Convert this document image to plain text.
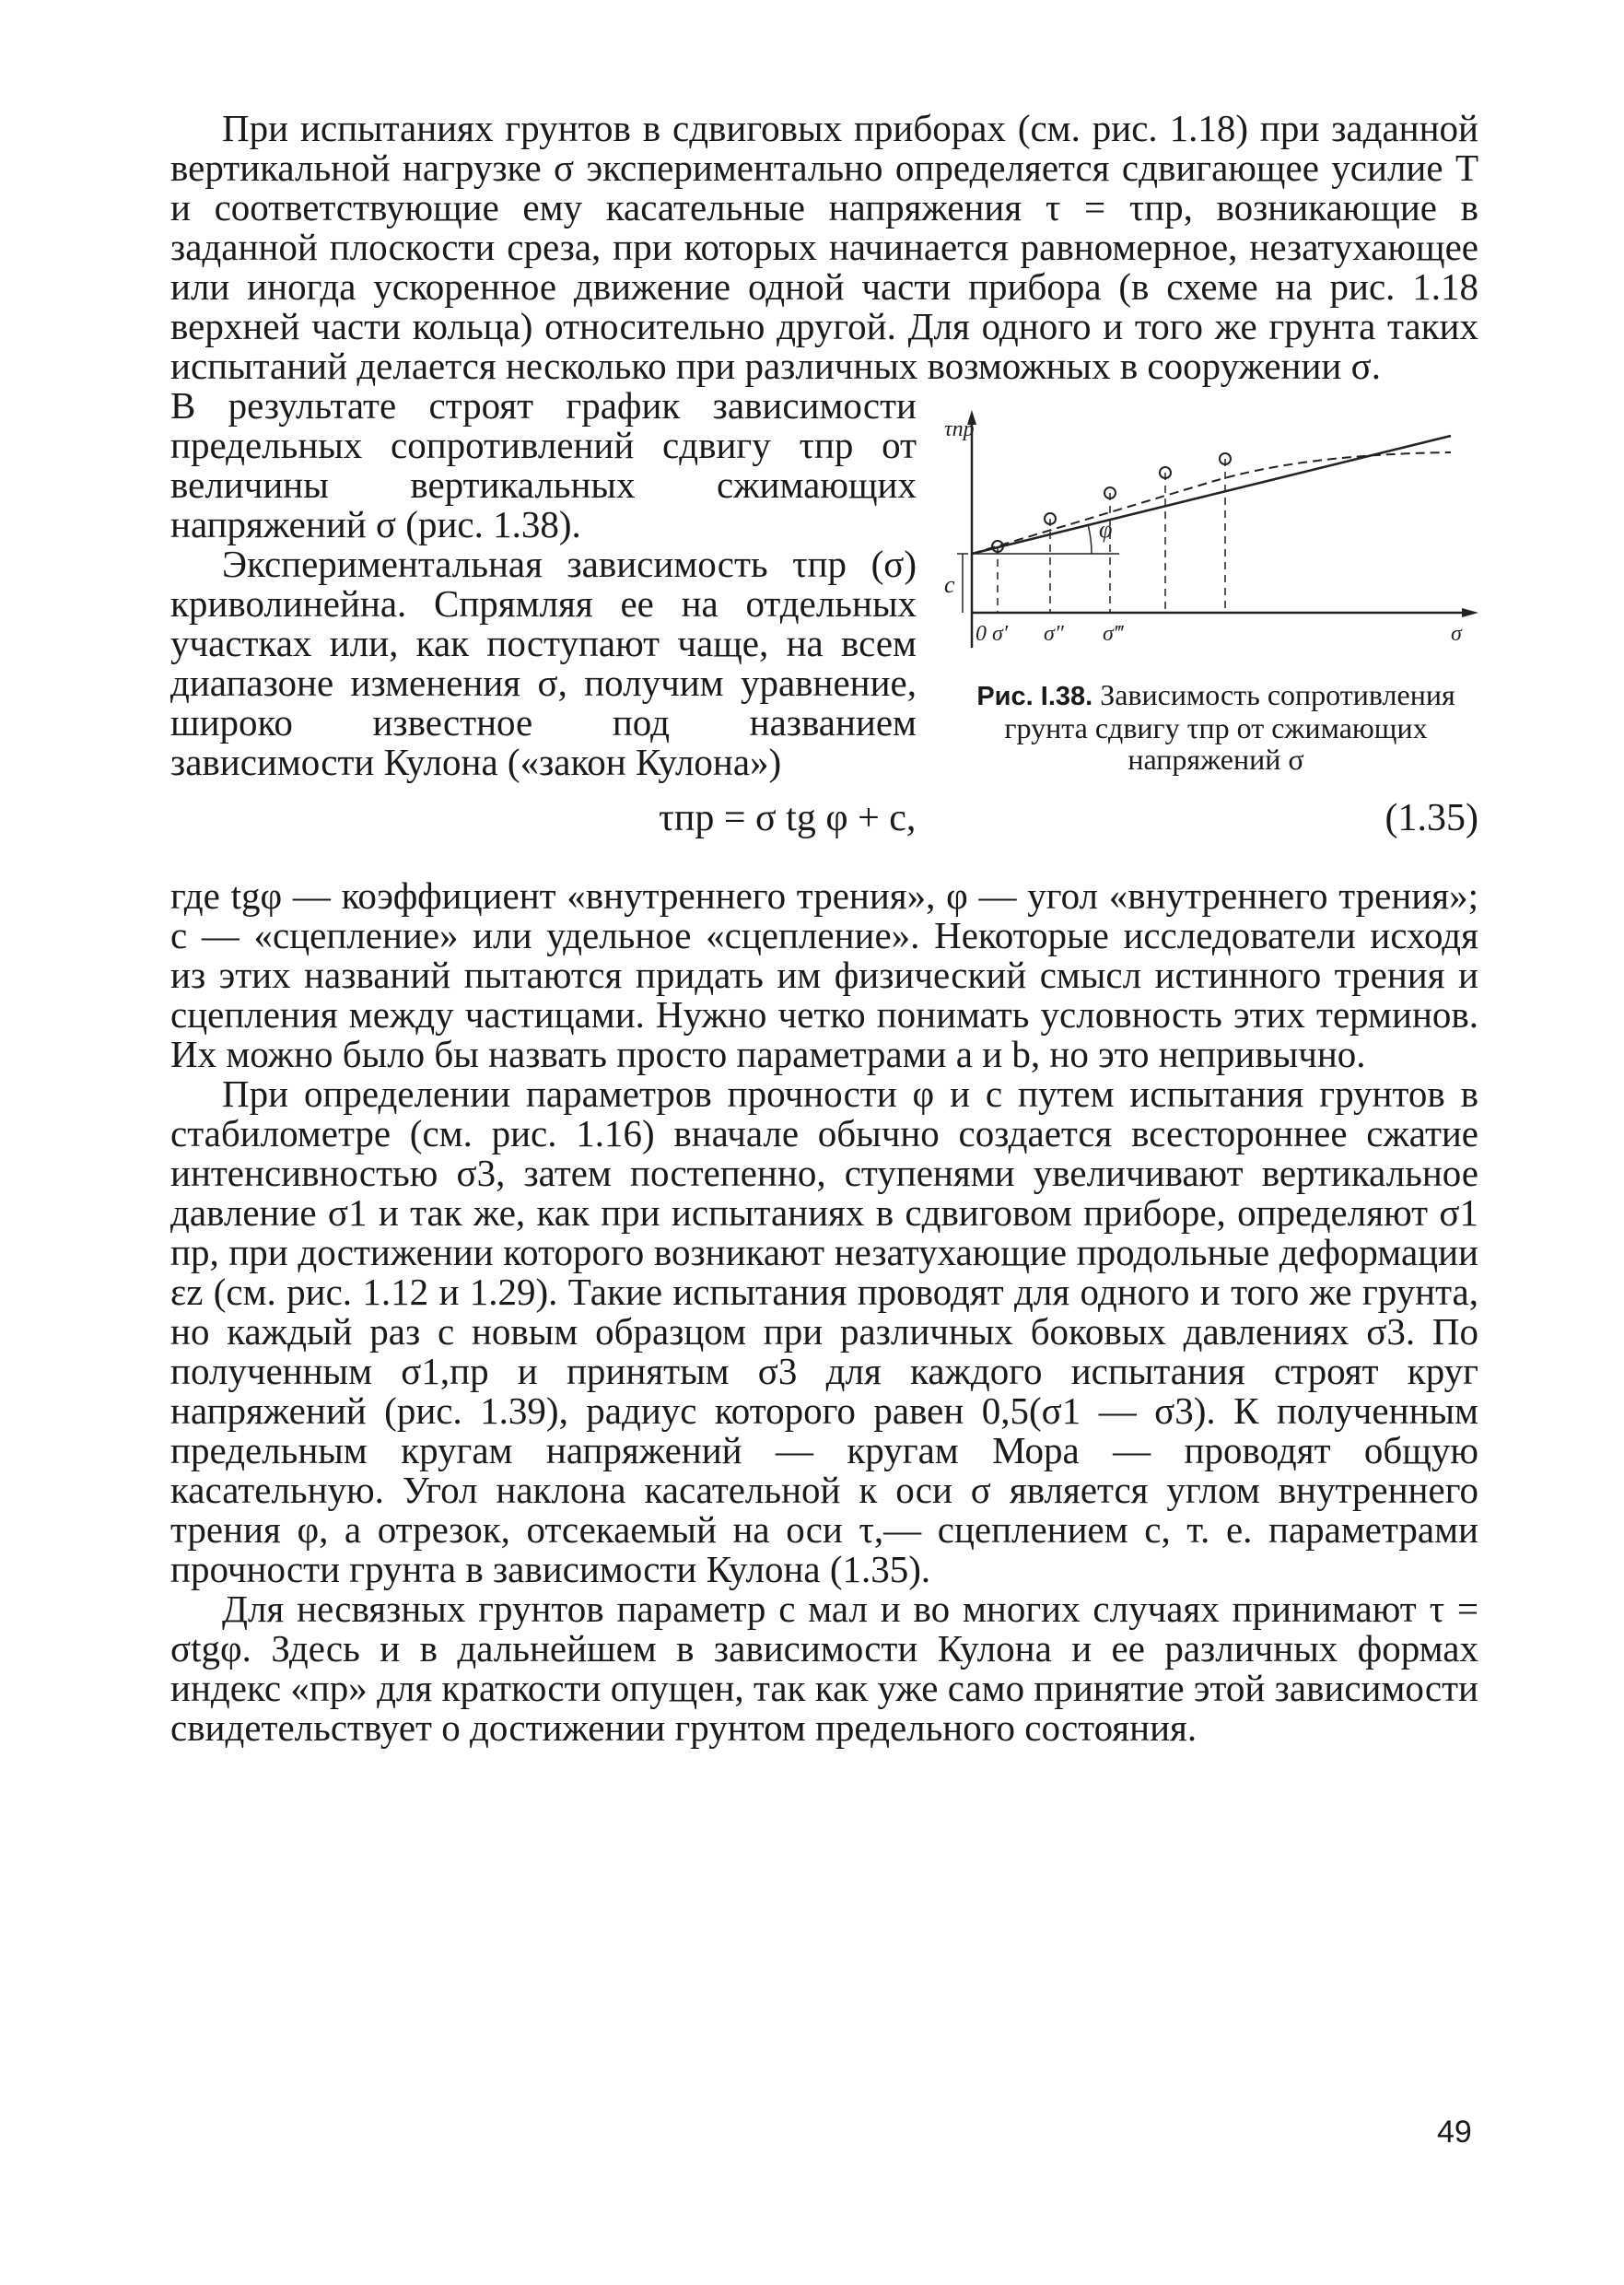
При испытаниях грунтов в сдвиговых приборах (см. рис. 1.18) при заданной вертикальной нагрузке σ экспериментально определяется сдвигающее усилие T и соответствующие ему касательные напряжения τ = τпр, возникающие в заданной плоскости среза, при которых начинается равномерное, незатухающее или иногда ускоренное движение одной части прибора (в схеме на рис. 1.18 верхней части кольца) относительно другой. Для одного и того же грунта таких испытаний делается несколько при различных возможных в сооружении σ.

c
φ
τпр
0 σ′ σ″ σ‴	σ
Рис. I.38. Зависимость сопротивления грунта сдвигу τпр от сжимающих напряжений σ

В результате строят график зависимости предельных сопротивлений сдвигу τпр от величины вертикальных сжимающих напряжений σ (рис. 1.38).

Экспериментальная зависимость τпр (σ) криволинейна. Спрямляя ее на отдельных участках или, как поступают чаще, на всем диапазоне изменения σ, получим уравнение, широко известное под названием зависимости Кулона («закон Кулона»)

τпр = σ tg φ + c,	(1.35)

где tgφ — коэффициент «внутреннего трения», φ — угол «внутреннего трения»; c — «сцепление» или удельное «сцепление». Некоторые исследователи исходя из этих названий пытаются придать им физический смысл истинного трения и сцепления между частицами. Нужно четко понимать условность этих терминов. Их можно было бы назвать просто параметрами a и b, но это непривычно.

При определении параметров прочности φ и c путем испытания грунтов в стабилометре (см. рис. 1.16) вначале обычно создается всестороннее сжатие интенсивностью σ3, затем постепенно, ступенями увеличивают вертикальное давление σ1 и так же, как при испытаниях в сдвиговом приборе, определяют σ1 пр, при достижении которого возникают незатухающие продольные деформации εz (см. рис. 1.12 и 1.29). Такие испытания проводят для одного и того же грунта, но каждый раз с новым образцом при различных боковых давлениях σ3. По полученным σ1,пр и принятым σ3 для каждого испытания строят круг напряжений (рис. 1.39), радиус которого равен 0,5(σ1 — σ3). К полученным предельным кругам напряжений — кругам Мора — проводят общую касательную. Угол наклона касательной к оси σ является углом внутреннего трения φ, а отрезок, отсекаемый на оси τ,— сцеплением c, т. е. параметрами прочности грунта в зависимости Кулона (1.35).

Для несвязных грунтов параметр c мал и во многих случаях принимают τ = σtgφ. Здесь и в дальнейшем в зависимости Кулона и ее различных формах индекс «пр» для краткости опущен, так как уже само принятие этой зависимости свидетельствует о достижении грунтом предельного состояния.

49
